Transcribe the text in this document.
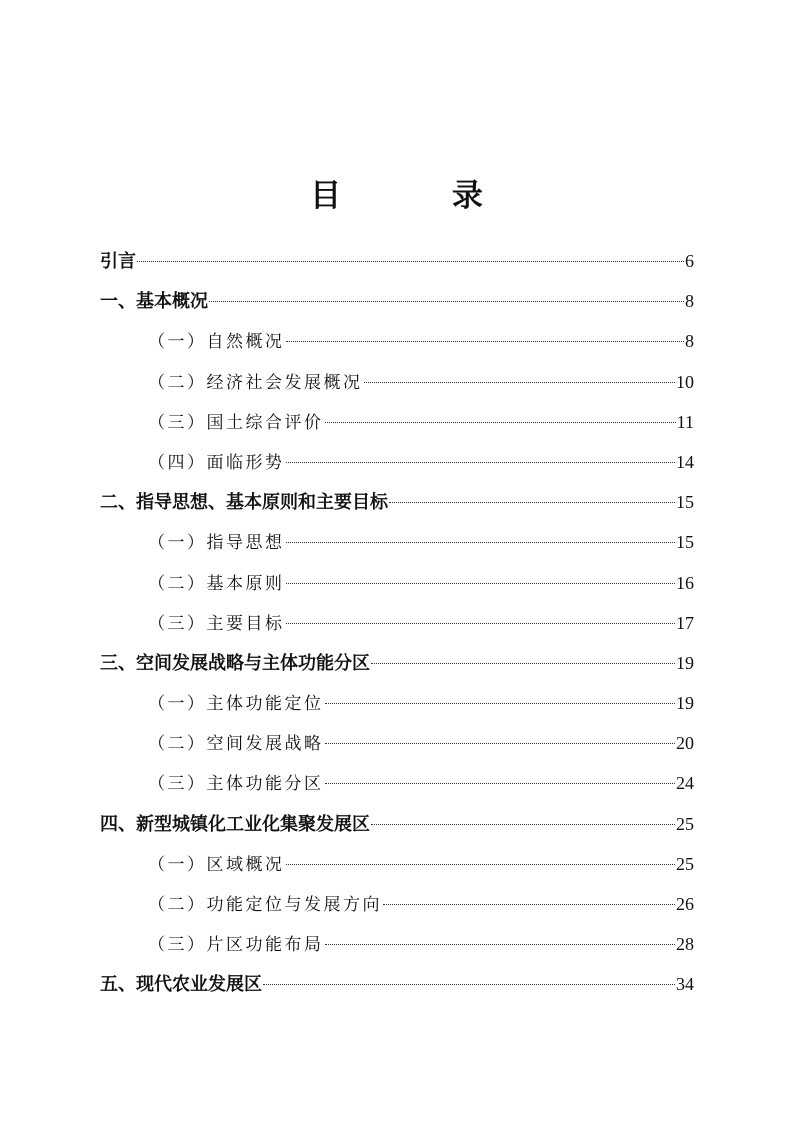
目 录
引言	6
一、基本概况	8
（一）自然概况	8
（二）经济社会发展概况	10
（三）国土综合评价	11
（四）面临形势	14
二、指导思想、基本原则和主要目标	15
（一）指导思想	15
（二）基本原则	16
（三）主要目标	17
三、空间发展战略与主体功能分区	19
（一）主体功能定位	19
（二）空间发展战略	20
（三）主体功能分区	24
四、新型城镇化工业化集聚发展区	25
（一）区域概况	25
（二）功能定位与发展方向	26
（三）片区功能布局	28
五、现代农业发展区	34
